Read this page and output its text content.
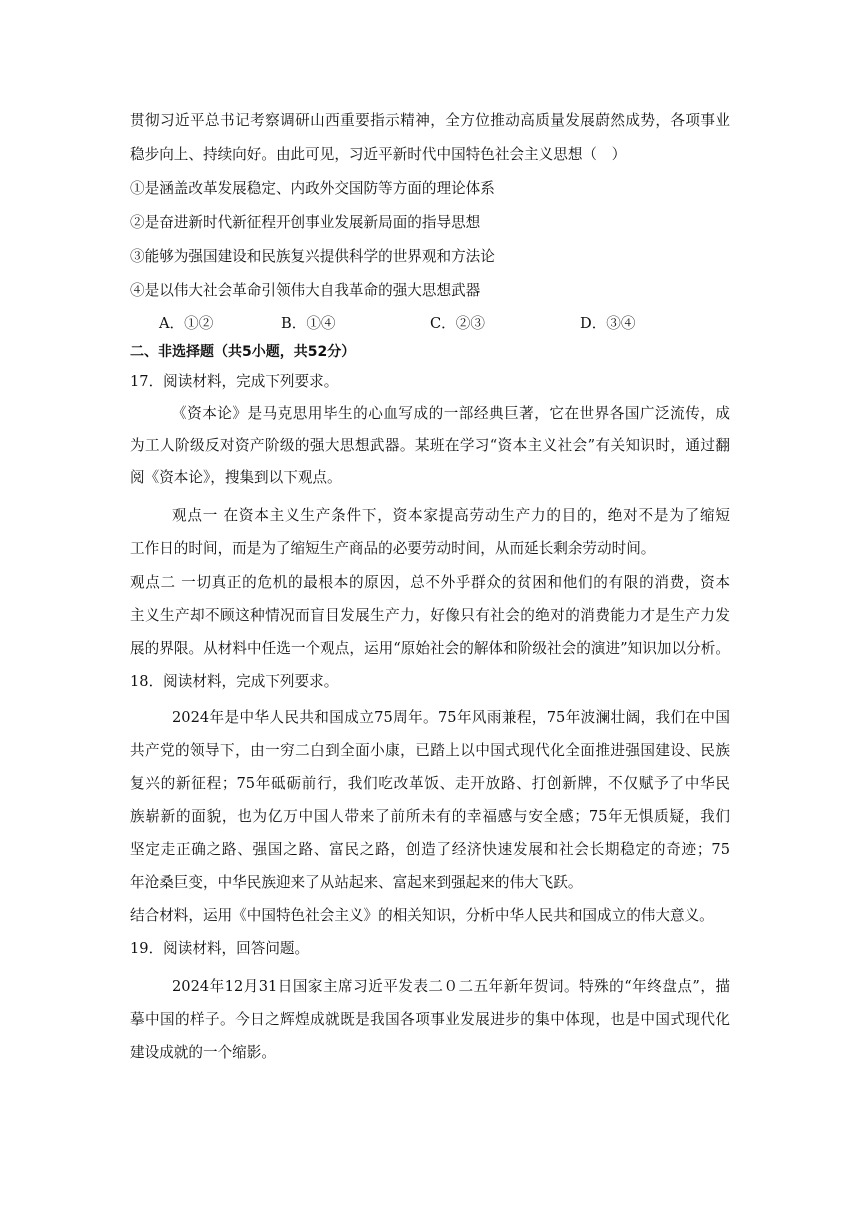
贯彻习近平总书记考察调研山西重要指示精神，全方位推动高质量发展蔚然成势，各项事业
稳步向上、持续向好。由此可见，习近平新时代中国特色社会主义思想（　）
①是涵盖改革发展稳定、内政外交国防等方面的理论体系
②是奋进新时代新征程开创事业发展新局面的指导思想
③能够为强国建设和民族复兴提供科学的世界观和方法论
④是以伟大社会革命引领伟大自我革命的强大思想武器
A．①②	B．①④	C．②③	D．③④
二、非选择题（共5小题，共52分）
17．阅读材料，完成下列要求。
《资本论》是马克思用毕生的心血写成的一部经典巨著，它在世界各国广泛流传，成
为工人阶级反对资产阶级的强大思想武器。某班在学习“资本主义社会”有关知识时，通过翻
阅《资本论》，搜集到以下观点。
观点一 在资本主义生产条件下，资本家提高劳动生产力的目的，绝对不是为了缩短
工作日的时间，而是为了缩短生产商品的必要劳动时间，从而延长剩余劳动时间。
观点二 一切真正的危机的最根本的原因，总不外乎群众的贫困和他们的有限的消费，资本
主义生产却不顾这种情况而盲目发展生产力，好像只有社会的绝对的消费能力才是生产力发
展的界限。从材料中任选一个观点，运用“原始社会的解体和阶级社会的演进”知识加以分析。
18．阅读材料，完成下列要求。
2024年是中华人民共和国成立75周年。75年风雨兼程，75年波澜壮阔，我们在中国
共产党的领导下，由一穷二白到全面小康，已踏上以中国式现代化全面推进强国建设、民族
复兴的新征程；75年砥砺前行，我们吃改革饭、走开放路、打创新牌，不仅赋予了中华民
族崭新的面貌，也为亿万中国人带来了前所未有的幸福感与安全感；75年无惧质疑，我们
坚定走正确之路、强国之路、富民之路，创造了经济快速发展和社会长期稳定的奇迹；75
年沧桑巨变，中华民族迎来了从站起来、富起来到强起来的伟大飞跃。
结合材料，运用《中国特色社会主义》的相关知识，分析中华人民共和国成立的伟大意义。
19．阅读材料，回答问题。
2024年12月31日国家主席习近平发表二０二五年新年贺词。特殊的“年终盘点”，描
摹中国的样子。今日之辉煌成就既是我国各项事业发展进步的集中体现，也是中国式现代化
建设成就的一个缩影。
